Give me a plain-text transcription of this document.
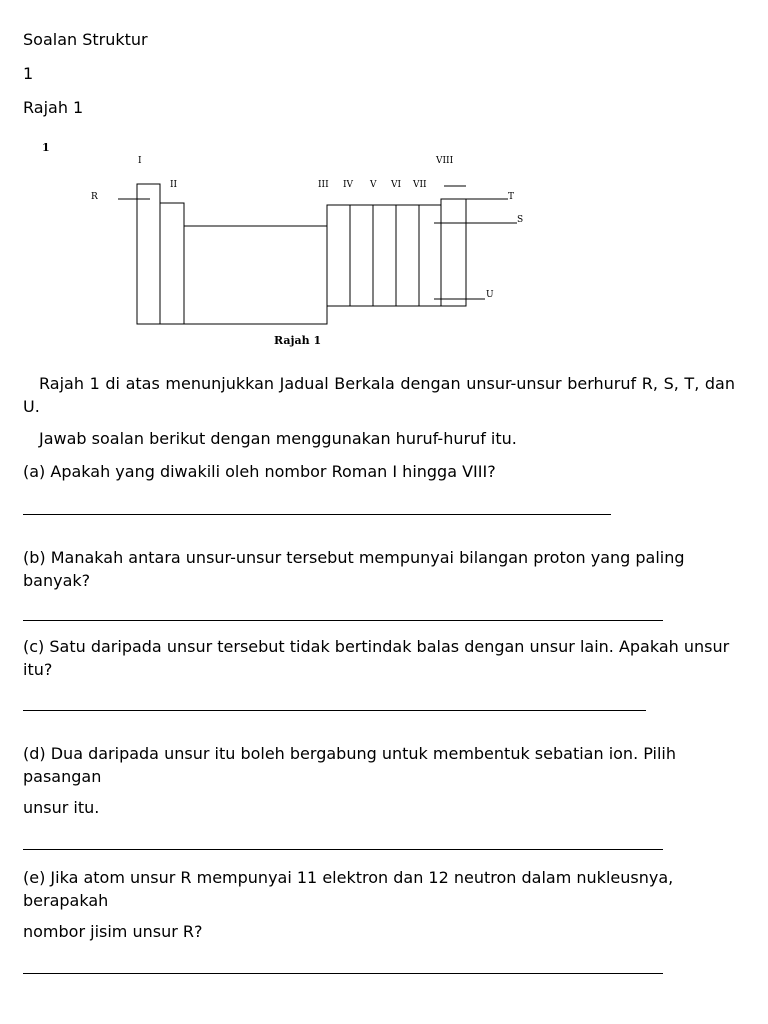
Soalan Struktur
1
Rajah 1
1
I
II	III IV V VI VII
VIII
R
S
T
U
Rajah 1
Rajah 1 di atas menunjukkan Jadual Berkala dengan unsur-unsur berhuruf R, S, T, dan U.
Jawab soalan berikut dengan menggunakan huruf-huruf itu.
(a) Apakah yang diwakili oleh nombor Roman I hingga VIII?
(b) Manakah antara unsur-unsur tersebut mempunyai bilangan proton yang paling banyak?
(c) Satu daripada unsur tersebut tidak bertindak balas dengan unsur lain. Apakah unsur itu?
(d) Dua daripada unsur itu boleh bergabung untuk membentuk sebatian ion. Pilih pasangan
unsur itu.
(e) Jika atom unsur R mempunyai 11 elektron dan 12 neutron dalam nukleusnya, berapakah
nombor jisim unsur R?
